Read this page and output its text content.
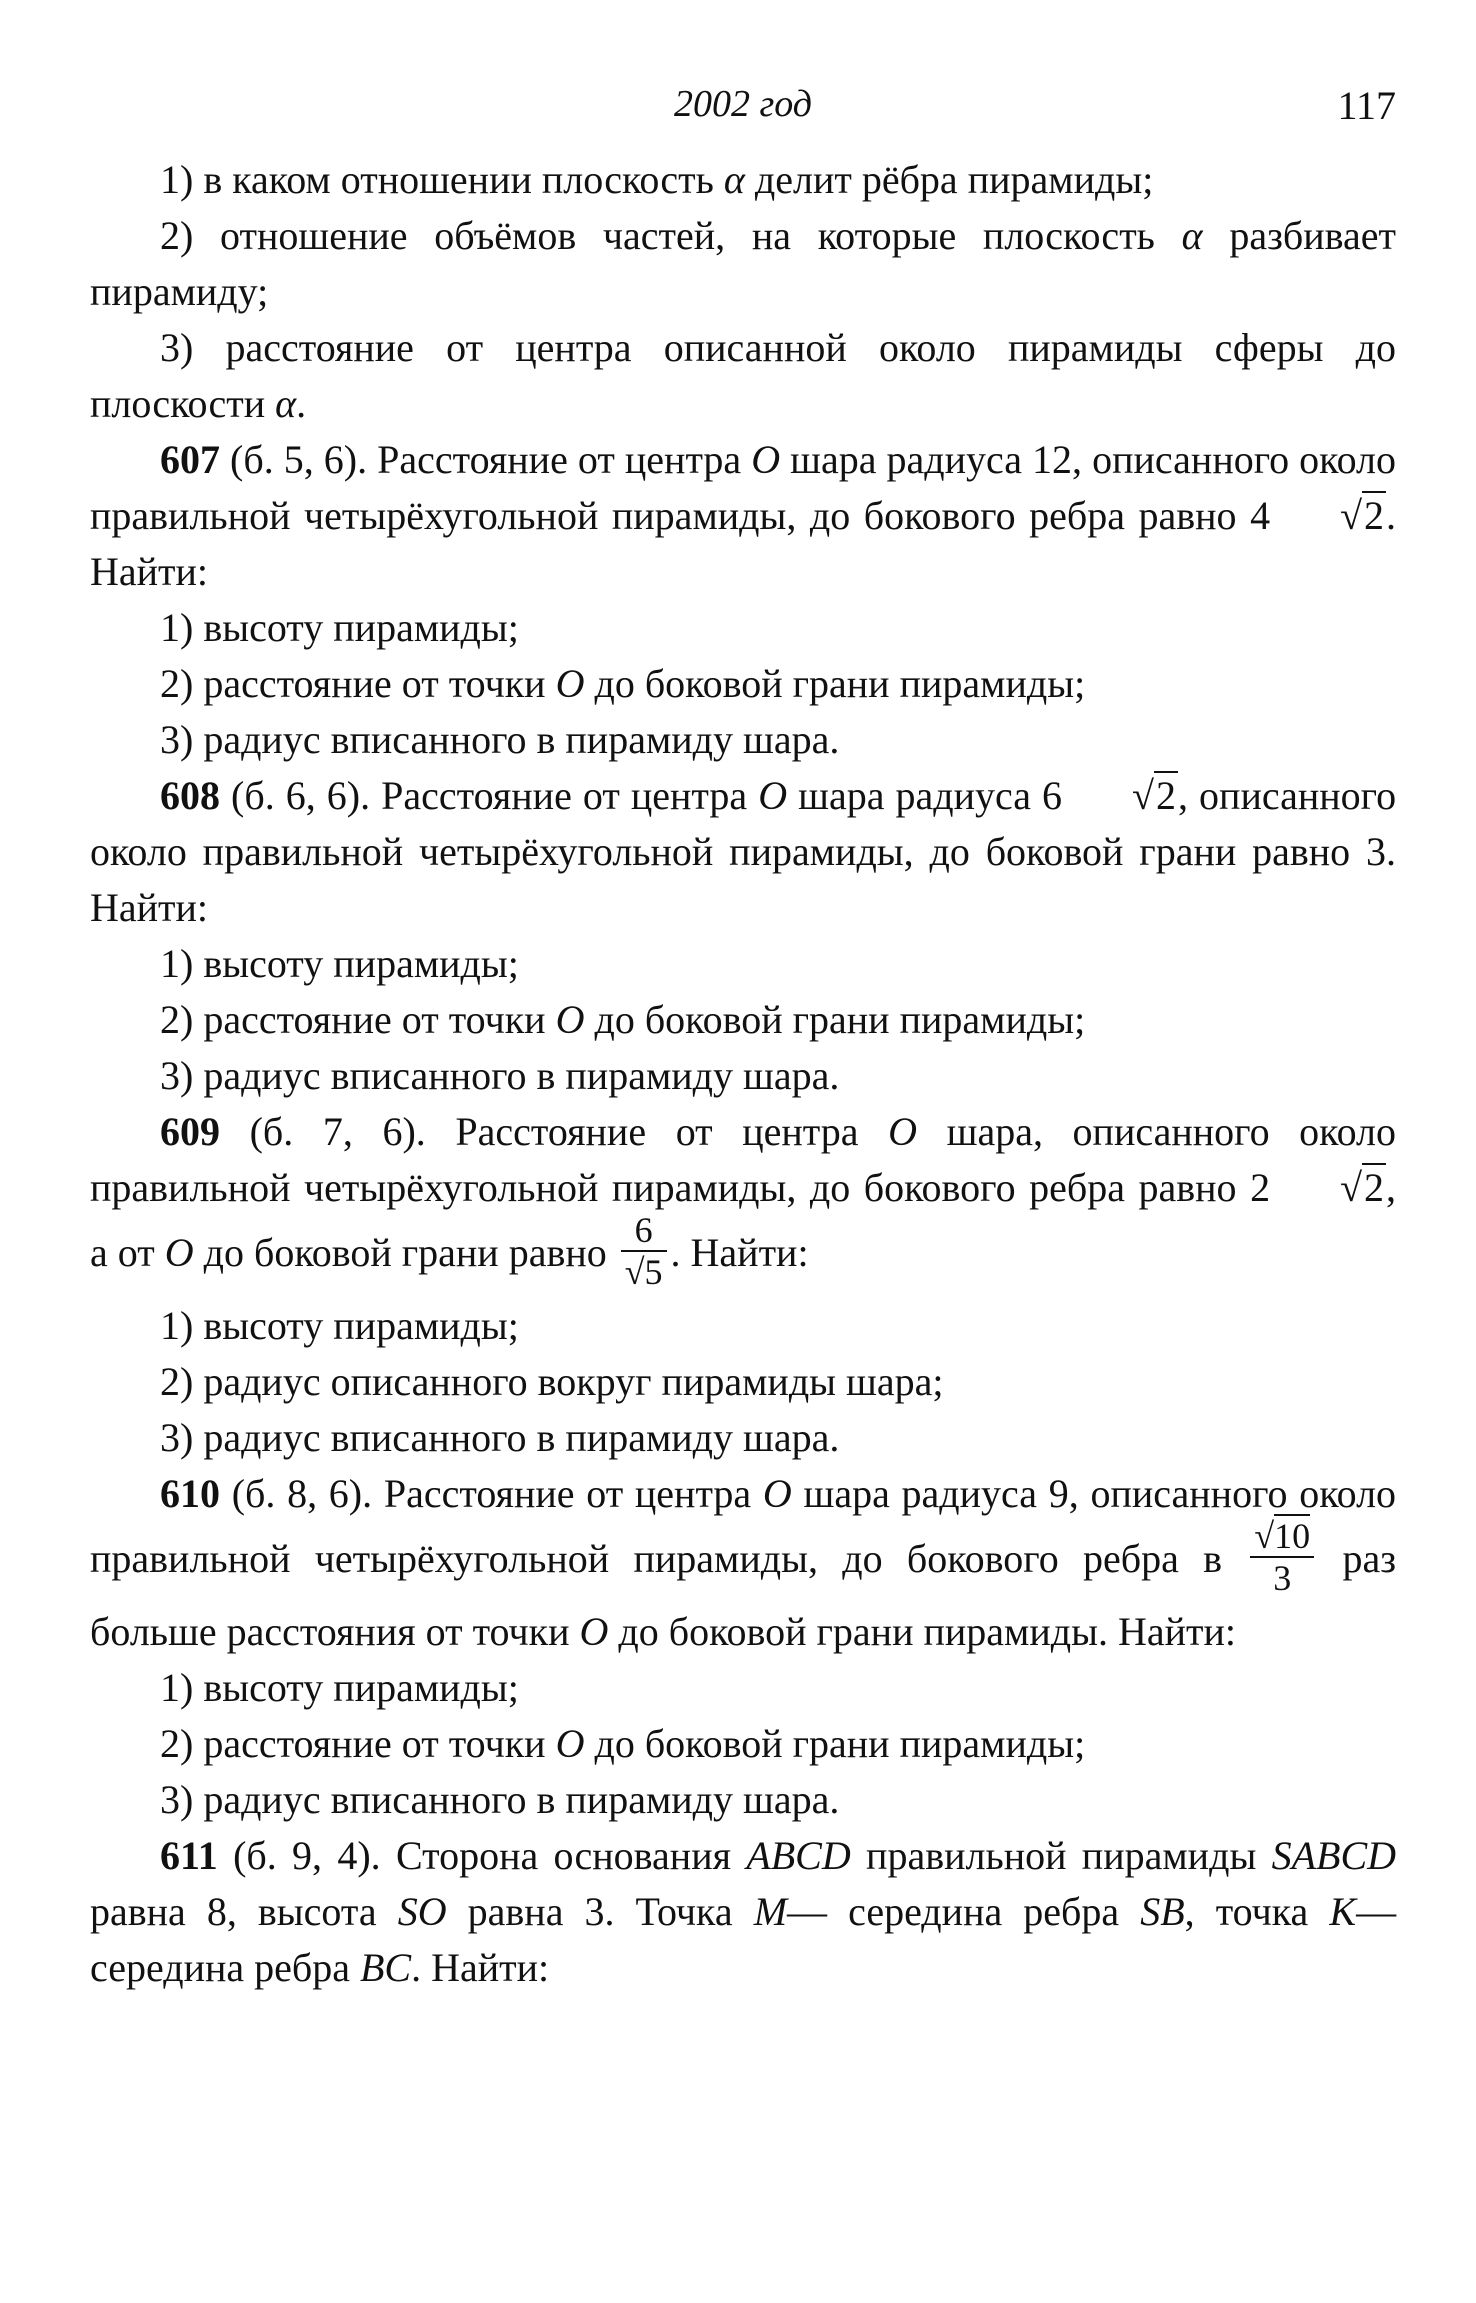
2002 год	117

1) в каком отношении плоскость α делит рёбра пирамиды;

2) отношение объёмов частей, на которые плоскость α разбивает пирамиду;

3) расстояние от центра описанной около пирамиды сферы до плоскости α.

607 (б. 5, 6). Расстояние от центра O шара радиуса 12, описанного около правильной четырёхугольной пирамиды, до бокового ребра равно 4 √2. Найти:

1) высоту пирамиды;

2) расстояние от точки O до боковой грани пирамиды;

3) радиус вписанного в пирамиду шара.

608 (б. 6, 6). Расстояние от центра O шара радиуса 6 √2, описанного около правильной четырёхугольной пирамиды, до боковой грани равно 3. Найти:

1) высоту пирамиды;

2) расстояние от точки O до боковой грани пирамиды;

3) радиус вписанного в пирамиду шара.

609 (б. 7, 6). Расстояние от центра O шара, описанного около правильной четырёхугольной пирамиды, до бокового ребра равно 2 √2, а от O до боковой грани равно $\frac{6}{√5}$ . Найти:

1) высоту пирамиды;

2) радиус описанного вокруг пирамиды шара;

3) радиус вписанного в пирамиду шара.

610 (б. 8, 6). Расстояние от центра O шара радиуса 9, описанного около правильной четырёхугольной пирамиды, до бокового ребра в $\frac{√10}{3}$ раз больше расстояния от точки O до боковой грани пирамиды. Найти:

1) высоту пирамиды;

2) расстояние от точки O до боковой грани пирамиды;

3) радиус вписанного в пирамиду шара.

611 (б. 9, 4). Сторона основания ABCD правильной пирамиды SABCD равна 8, высота SO равна 3. Точка M— середина ребра SB, точка K— середина ребра BC. Найти:
